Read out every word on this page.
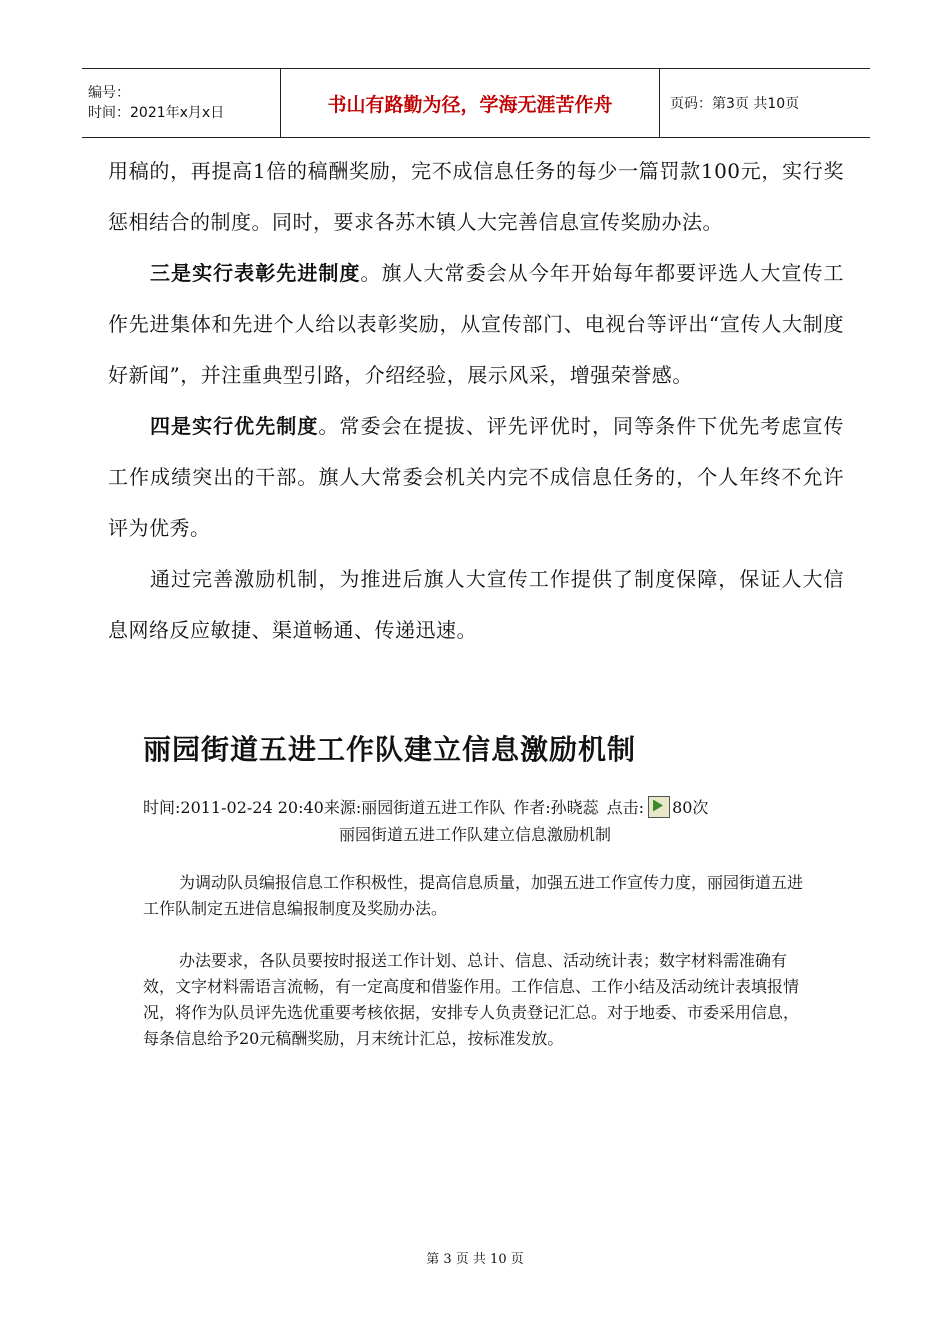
编号：
时间：2021年x月x日	书山有路勤为径，学海无涯苦作舟	页码：第3页 共10页

用稿的，再提高1倍的稿酬奖励，完不成信息任务的每少一篇罚款100元，实行奖惩相结合的制度。同时，要求各苏木镇人大完善信息宣传奖励办法。

三是实行表彰先进制度。旗人大常委会从今年开始每年都要评选人大宣传工作先进集体和先进个人给以表彰奖励，从宣传部门、电视台等评出“宣传人大制度好新闻”，并注重典型引路，介绍经验，展示风采，增强荣誉感。

四是实行优先制度。常委会在提拔、评先评优时，同等条件下优先考虑宣传工作成绩突出的干部。旗人大常委会机关内完不成信息任务的，个人年终不允许评为优秀。

通过完善激励机制，为推进后旗人大宣传工作提供了制度保障，保证人大信息网络反应敏捷、渠道畅通、传递迅速。

丽园街道五进工作队建立信息激励机制
时间:2011-02-24 20:40 来源:丽园街道五进工作队 作者:孙晓蕊 点击: 80次
丽园街道五进工作队建立信息激励机制

为调动队员编报信息工作积极性，提高信息质量，加强五进工作宣传力度，丽园街道五进工作队制定五进信息编报制度及奖励办法。

办法要求，各队员要按时报送工作计划、总计、信息、活动统计表；数字材料需准确有效，文字材料需语言流畅，有一定高度和借鉴作用。工作信息、工作小结及活动统计表填报情况，将作为队员评先选优重要考核依据，安排专人负责登记汇总。对于地委、市委采用信息，每条信息给予20元稿酬奖励，月末统计汇总，按标准发放。

第 3 页 共 10 页
